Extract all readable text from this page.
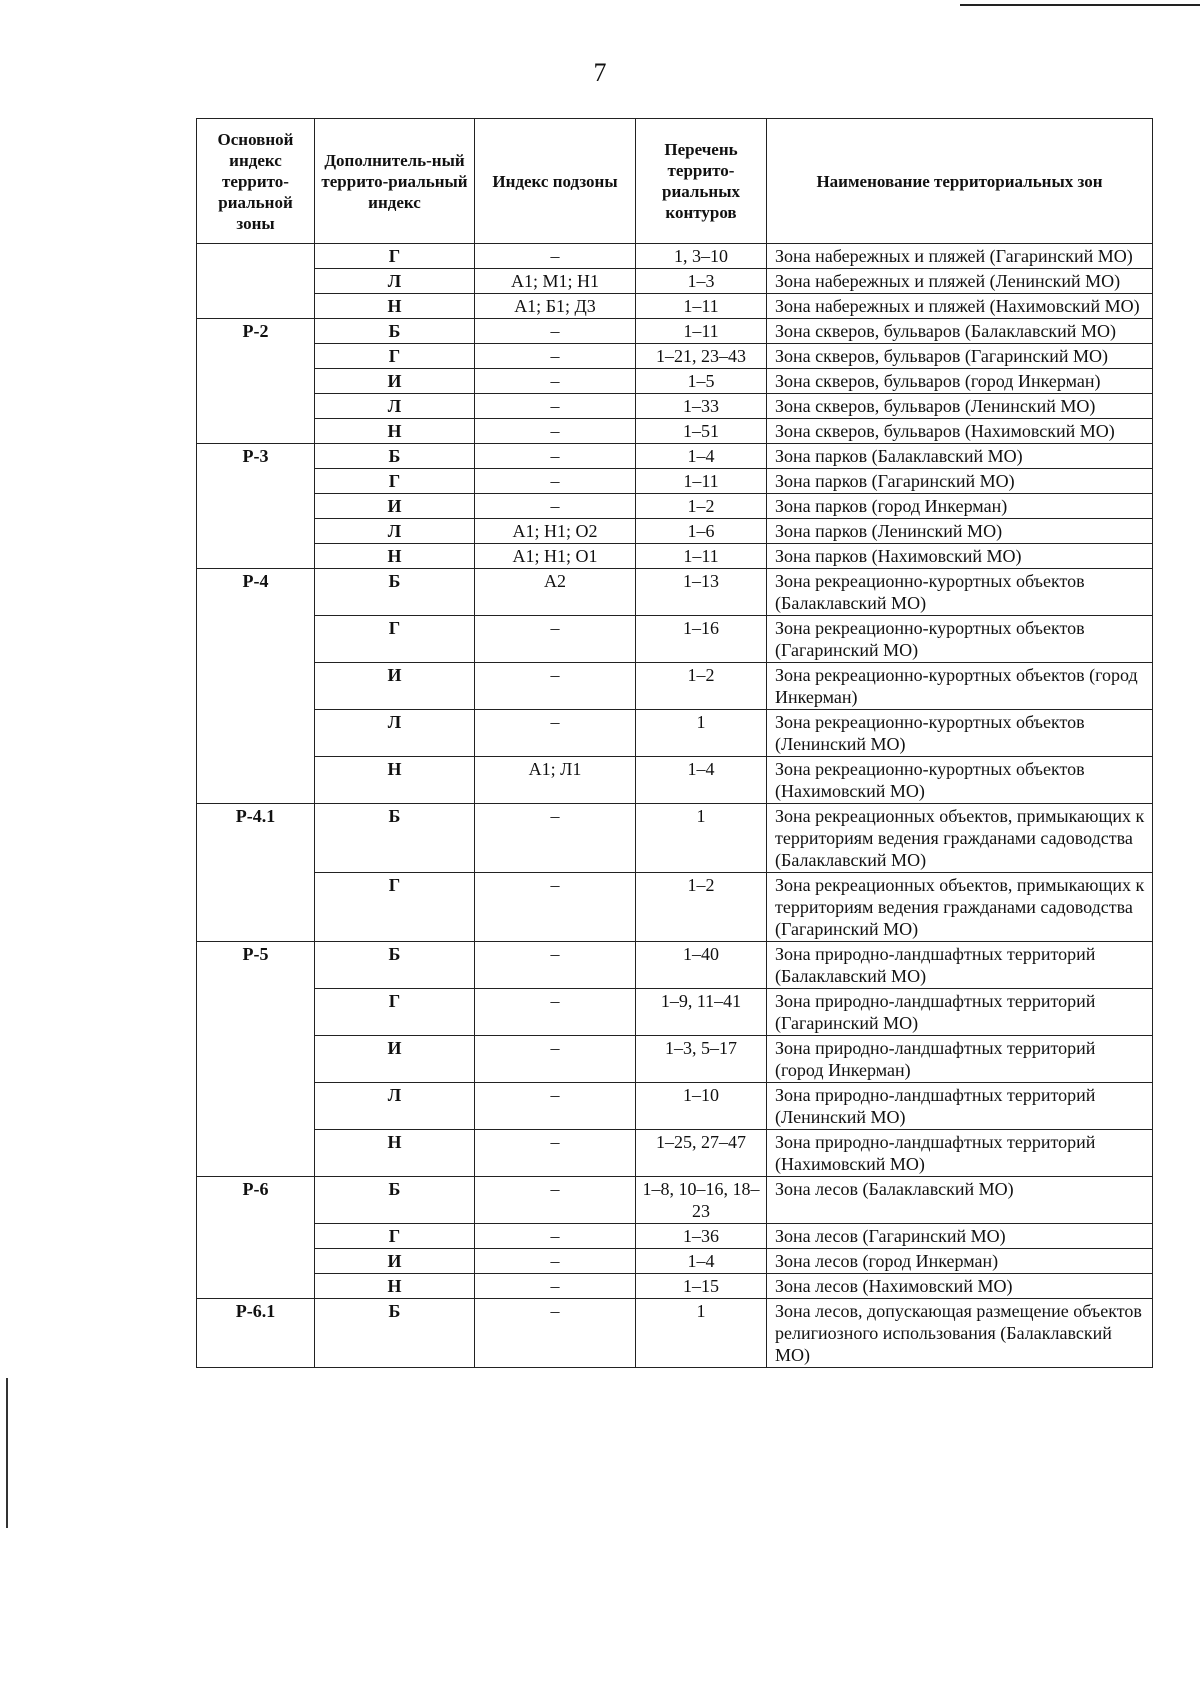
7
Основной индекс террито-риальной зоны	Дополнитель-ный террито-риальный индекс	Индекс подзоны	Перечень террито-риальных контуров	Наименование территориальных зон
	Г	–	1, 3–10	Зона набережных и пляжей (Гагаринский МО)
	Л	А1; М1; Н1	1–3	Зона набережных и пляжей (Ленинский МО)
	Н	А1; Б1; Д3	1–11	Зона набережных и пляжей (Нахимовский МО)
Р-2	Б	–	1–11	Зона скверов, бульваров (Балаклавский МО)
	Г	–	1–21, 23–43	Зона скверов, бульваров (Гагаринский МО)
	И	–	1–5	Зона скверов, бульваров (город Инкерман)
	Л	–	1–33	Зона скверов, бульваров (Ленинский МО)
	Н	–	1–51	Зона скверов, бульваров (Нахимовский МО)
Р-3	Б	–	1–4	Зона парков (Балаклавский МО)
	Г	–	1–11	Зона парков (Гагаринский МО)
	И	–	1–2	Зона парков (город Инкерман)
	Л	А1; Н1; О2	1–6	Зона парков (Ленинский МО)
	Н	А1; Н1; О1	1–11	Зона парков (Нахимовский МО)
Р-4	Б	А2	1–13	Зона рекреационно-курортных объектов (Балаклавский МО)
	Г	–	1–16	Зона рекреационно-курортных объектов (Гагаринский МО)
	И	–	1–2	Зона рекреационно-курортных объектов (город Инкерман)
	Л	–	1	Зона рекреационно-курортных объектов (Ленинский МО)
	Н	А1; Л1	1–4	Зона рекреационно-курортных объектов (Нахимовский МО)
Р-4.1	Б	–	1	Зона рекреационных объектов, примыкающих к территориям ведения гражданами садоводства (Балаклавский МО)
	Г	–	1–2	Зона рекреационных объектов, примыкающих к территориям ведения гражданами садоводства (Гагаринский МО)
Р-5	Б	–	1–40	Зона природно-ландшафтных территорий (Балаклавский МО)
	Г	–	1–9, 11–41	Зона природно-ландшафтных территорий (Гагаринский МО)
	И	–	1–3, 5–17	Зона природно-ландшафтных территорий (город Инкерман)
	Л	–	1–10	Зона природно-ландшафтных территорий (Ленинский МО)
	Н	–	1–25, 27–47	Зона природно-ландшафтных территорий (Нахимовский МО)
Р-6	Б	–	1–8, 10–16, 18–23	Зона лесов (Балаклавский МО)
	Г	–	1–36	Зона лесов (Гагаринский МО)
	И	–	1–4	Зона лесов (город Инкерман)
	Н	–	1–15	Зона лесов (Нахимовский МО)
Р-6.1	Б	–	1	Зона лесов, допускающая размещение объектов религиозного использования (Балаклавский МО)
